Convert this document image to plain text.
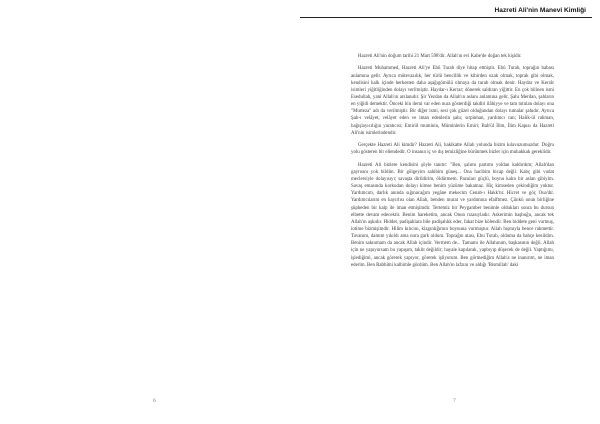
6
Hazreti Ali'nin Manevi Kimliği

Hazreti Ali'nin doğum tarihi 21 Mart 598'dir. Allah'ın evi Kabe'de doğan tek kişidir.

Hazreti Muhammed, Hazreti Ali'ye Ebû Turab diye hitap etmiştir. Ebû Turab, toprağın babası anlamına gelir. Ayrıca mütevazılık, her türlü bencillik ve kibirden uzak olmak, toprak gibi olmak, kendisini halk içinde herkesten daha aşağıgömülü olmaya da turab olmak denir. Haydar ve Kerrâr isimleri yiğitliğinden dolayı verilmiştir. Haydar-ı Kerrar; dönerek saldıran yiğittir. En çok bilinen ismi Esedullah, yani Allah'ın arslanıdır. Şir Yezdan da Allah'ın aslanı anlamına gelir. Şahı Merdan, şahların en yiğidi demektir. Önceki bin ilemi var eden nura gösterdiği takdiri ilâhiyye ve tam tutulan dolayı ona "Murteza" adı da verilmiştir. Bir diğer ismi, sesi çok güzel olduğundan dolayı tumalar şahıdır. Ayrıca Şah-ı velâyet, velâyet eden ve iman edenlerin şahı; sırpinhan, yardımcı can; Halik-ül rahman, bağışlayıcılığın yaratıcısı; Emirül muminin, Müminlerin Emiri; Bab'ül İlim, İlim Kapısı da Hazreti Ali'nin isimlerindendir.

Gerçekte Hazreti Ali kimdir? Hazreti Ali, hakikatte Allah yolunda bizim kılavuzumuzdur. Doğru yolu gösteren bir eliendedir. O insanın iç ve dış temizliğine bürünmek bizler için muhakkak gereklidir.

Hazreti Ali bizlere kendisini şöyle tanıtır: "Ben, şalımı partımı yoldan kaldırdım; Allah'dan gayrısını yok bildim. Bir gölgeyim sahibim güneş... Ona hacibim hicap değil. Kabç gibi vudat meclersiyle dolayısıyı; savaşta dirildirim, öldürmem. Pazuları güçlü, boynu kalın bir aslan gibiyim. Savaş emasında korkudan dolayı kimse benim yüzüme bakamaz. Hiç kimseden çekindiğim yoktur. Yardımcım, darlık anında sığınacağım yegâne mekecim Cenab-ı Hakk'tır. Hicret ve göç Oua'dır. Yardımcılarım en hayırlısı olan Allah, benden murat ve yardımına efaiftmez. Çünkü onun birliğine şüpheden bir kalp ile iman etmişimdir. Tertemiz bir Peygamber benimle oldukları sonra bu dursun elbette devam edecektir. Benim hareketim, ancak Onun rızasıyladır. Askerimin başbuğu, ancak tek Allah'ın aşkıdır. Hiddet, padişahlara bile padişahlık eder, fakat bize kölendir. Ben hiddete geni vurmuş, iotime bizmişimdir. Hilim kılıcını, kizgınlığımın boynuna vurmuştur. Allah hışmıyla bence rahmettir. Tavanım, damım yıkıldı ama nura gark oldum. Toprağın atası, Ebu Turab, olduma da bahçe kesildim. Benim sakınmam da ancak Allah içindir. Vermem de... Tamamı ile Allahınım, başkasının değil. Allah için ne yapıyorsam bu yapışım, taklit değildir; hayale kapılarak, yapbıyıp düşecek de değil. Yaptığımı, işlediğimi, ancak görerek yapıyor, görerek işliyorum. Ben görmediğim Allah'a ne inanırım, ne iman ederim. Ben Rabbimi kalbimle gördüm. Ben Allah'ın lafzını ve aldığı 'Bismillah' daki

7
